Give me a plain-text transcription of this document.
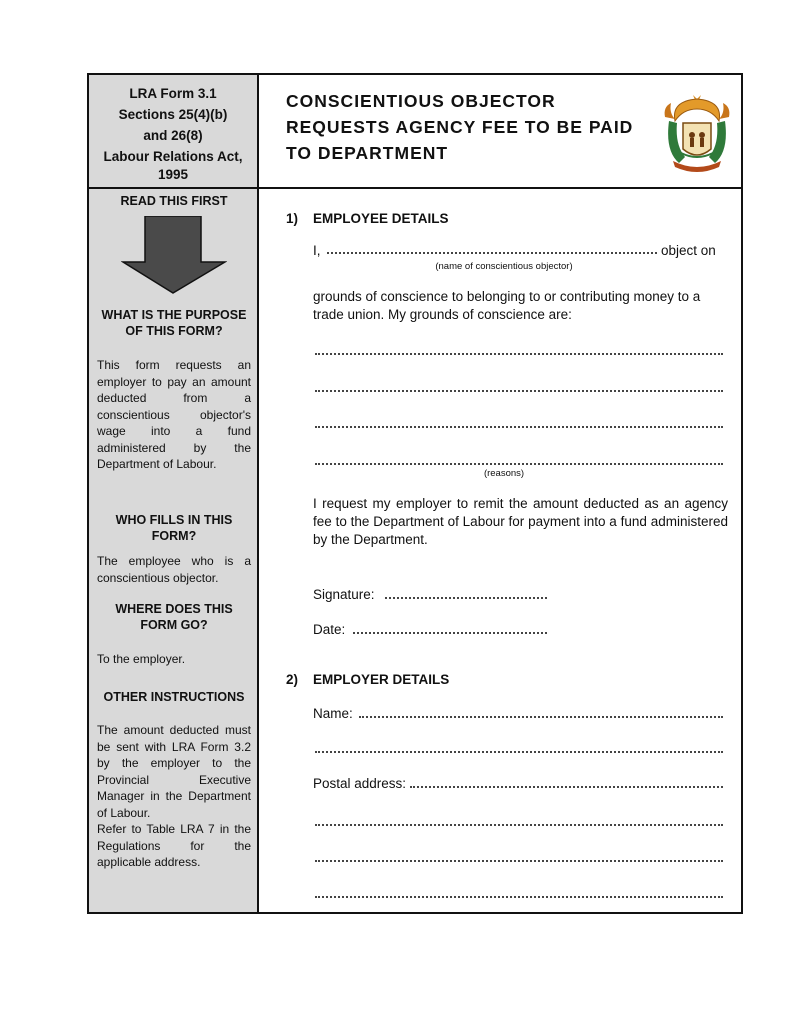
LRA Form 3.1
Sections 25(4)(b)
and 26(8)
Labour Relations Act,
1995
READ THIS FIRST
WHAT IS THE PURPOSE OF THIS FORM?
This form requests an employer to pay an amount deducted from a conscientious objector's wage into a fund administered by the Department of Labour.
WHO FILLS IN THIS FORM?
The employee who is a conscientious objector.
WHERE DOES THIS FORM GO?
To the employer.
OTHER INSTRUCTIONS
The amount deducted must be sent with LRA Form 3.2 by the employer to the Provincial Executive Manager in the Department of Labour.
Refer to Table LRA 7 in the Regulations for the applicable address.
CONSCIENTIOUS OBJECTOR REQUESTS AGENCY FEE TO BE PAID TO DEPARTMENT
1) EMPLOYEE DETAILS
I,	object on
(name of conscientious objector)
grounds of conscience to belonging to or contributing money to a trade union. My grounds of conscience are:
(reasons)
I request my employer to remit the amount deducted as an agency fee to the Department of Labour for payment into a fund administered by the Department.
Signature:
Date:
2) EMPLOYER DETAILS
Name:
Postal address:
